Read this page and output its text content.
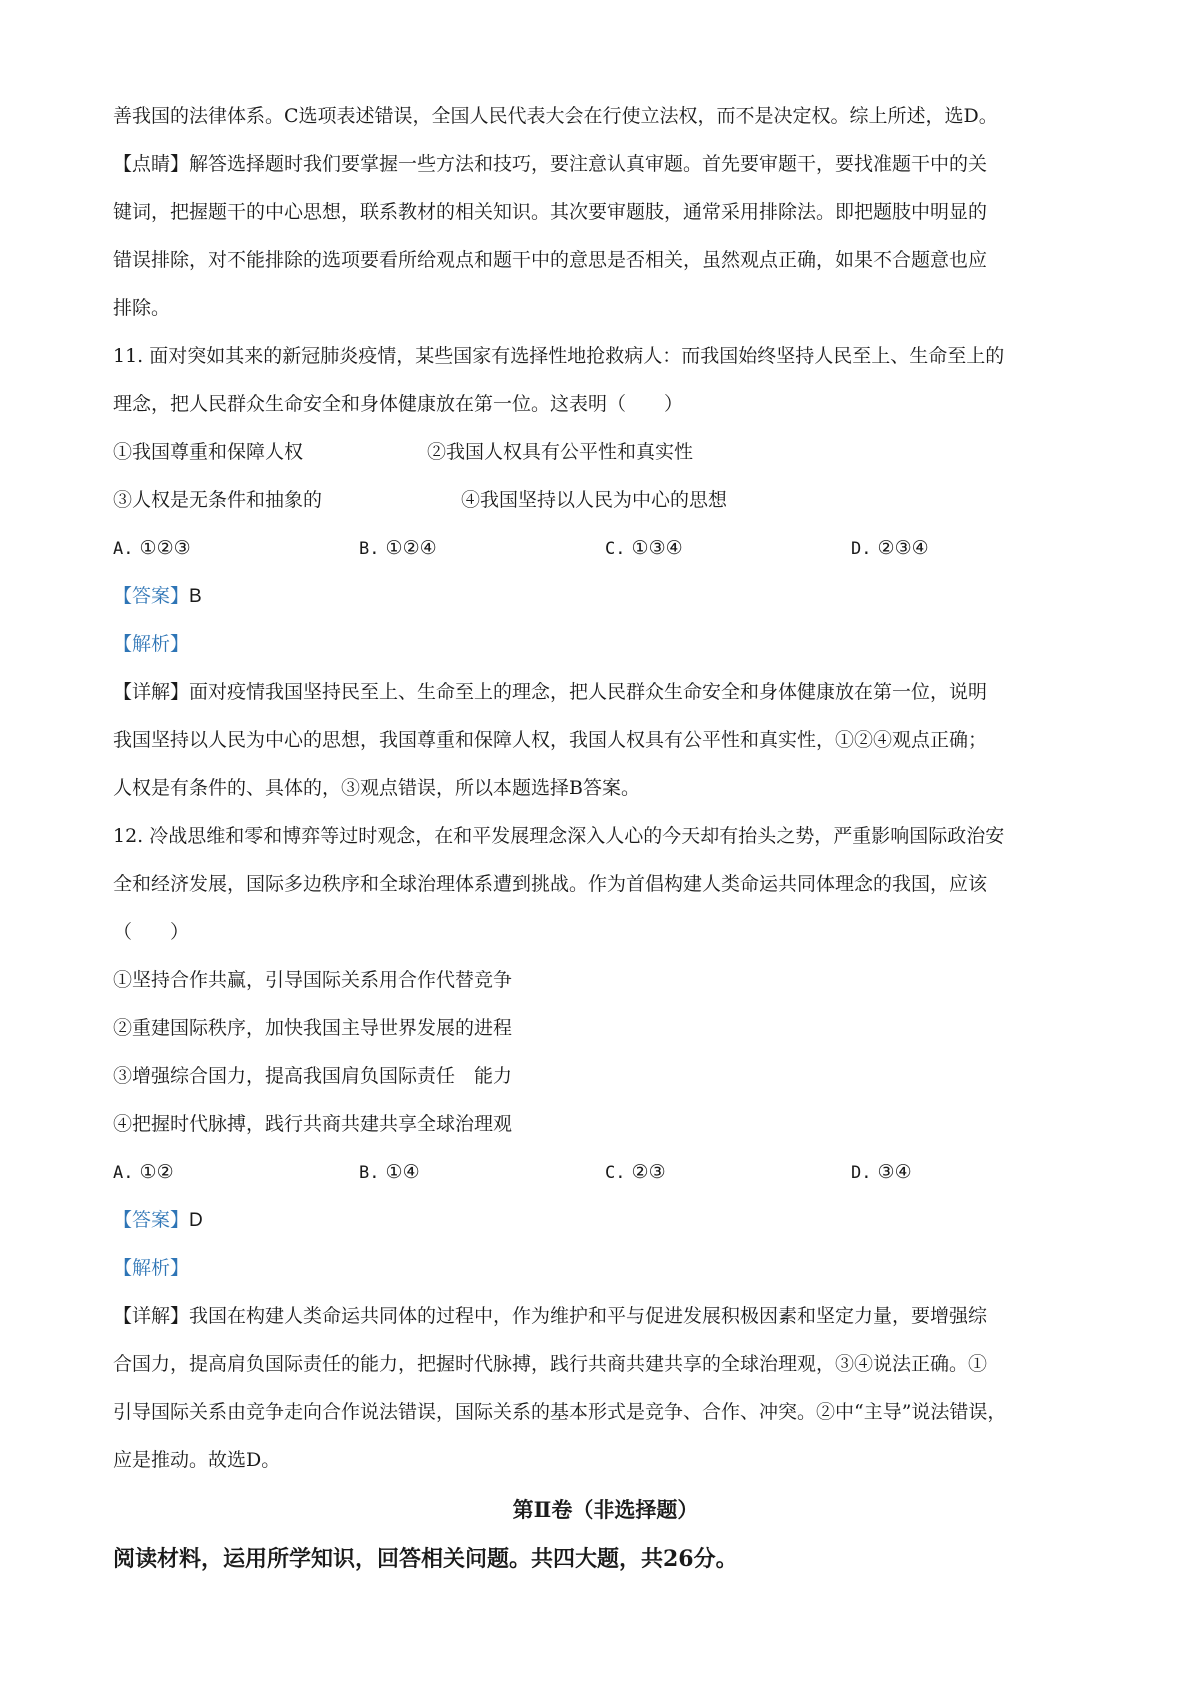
善我国的法律体系。C选项表述错误，全国人民代表大会在行使立法权，而不是决定权。综上所述，选D。
【点睛】解答选择题时我们要掌握一些方法和技巧，要注意认真审题。首先要审题干，要找准题干中的关
键词，把握题干的中心思想，联系教材的相关知识。其次要审题肢，通常采用排除法。即把题肢中明显的
错误排除，对不能排除的选项要看所给观点和题干中的意思是否相关，虽然观点正确，如果不合题意也应
排除。
11. 面对突如其来的新冠肺炎疫情，某些国家有选择性地抢救病人：而我国始终坚持人民至上、生命至上的
理念，把人民群众生命安全和身体健康放在第一位。这表明（　　）
①我国尊重和保障人权	②我国人权具有公平性和真实性
③人权是无条件和抽象的	④我国坚持以人民为中心的思想
A. ①②③	B. ①②④	C. ①③④	D. ②③④
【答案】B
【解析】
【详解】面对疫情我国坚持民至上、生命至上的理念，把人民群众生命安全和身体健康放在第一位，说明
我国坚持以人民为中心的思想，我国尊重和保障人权，我国人权具有公平性和真实性，①②④观点正确；
人权是有条件的、具体的，③观点错误，所以本题选择B答案。
12. 冷战思维和零和博弈等过时观念，在和平发展理念深入人心的今天却有抬头之势，严重影响国际政治安
全和经济发展，国际多边秩序和全球治理体系遭到挑战。作为首倡构建人类命运共同体理念的我国，应该
（　　）
①坚持合作共赢，引导国际关系用合作代替竞争
②重建国际秩序，加快我国主导世界发展的进程
③增强综合国力，提高我国肩负国际责任　能力
④把握时代脉搏，践行共商共建共享全球治理观
A. ①②	B. ①④	C. ②③	D. ③④
【答案】D
【解析】
【详解】我国在构建人类命运共同体的过程中，作为维护和平与促进发展积极因素和坚定力量，要增强综
合国力，提高肩负国际责任的能力，把握时代脉搏，践行共商共建共享的全球治理观，③④说法正确。①
引导国际关系由竞争走向合作说法错误，国际关系的基本形式是竞争、合作、冲突。②中“主导”说法错误，
应是推动。故选D。
第Ⅱ卷（非选择题）
阅读材料，运用所学知识，回答相关问题。共四大题，共26分。
